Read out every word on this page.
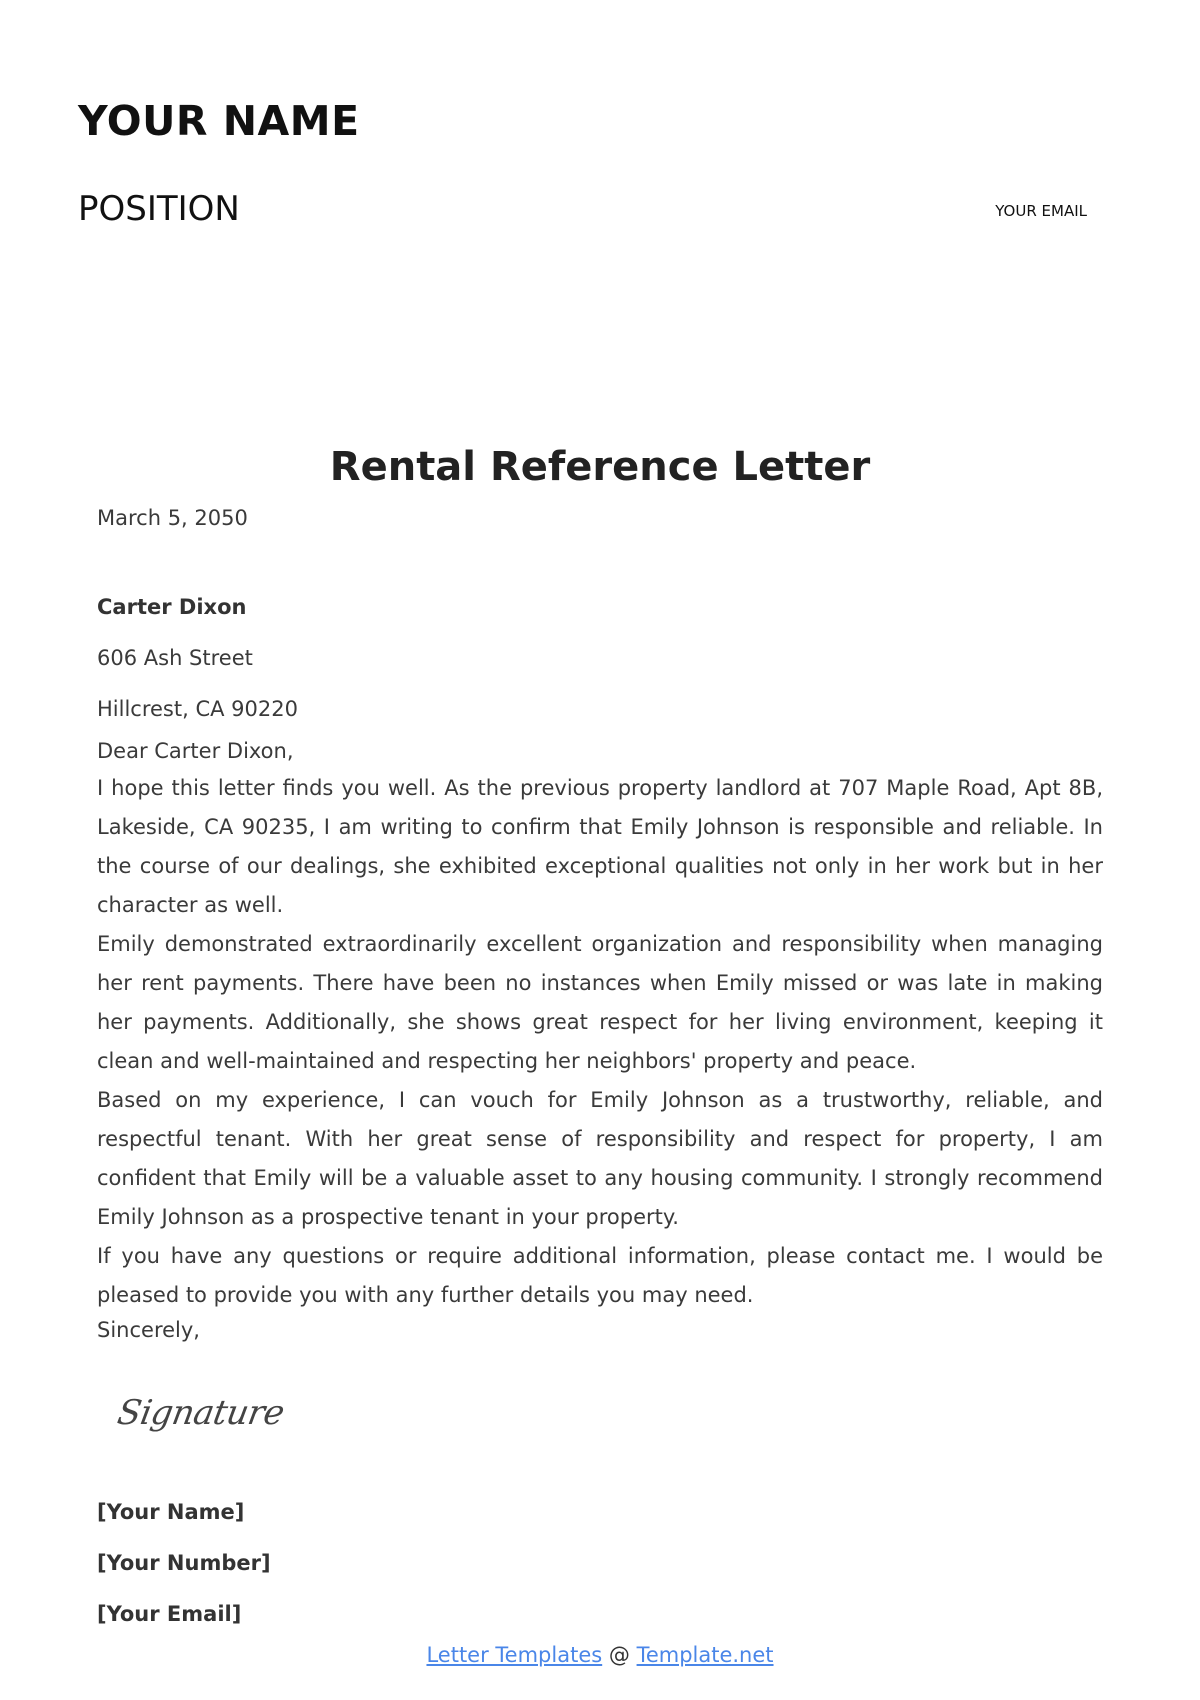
YOUR NAME
POSITION	YOUR EMAIL
Rental Reference Letter
March 5, 2050
Carter Dixon
606 Ash Street
Hillcrest, CA 90220

Dear Carter Dixon,

I hope this letter finds you well. As the previous property landlord at 707 Maple Road, Apt 8B, Lakeside, CA 90235, I am writing to confirm that Emily Johnson is responsible and reliable. In the course of our dealings, she exhibited exceptional qualities not only in her work but in her character as well.

Emily demonstrated extraordinarily excellent organization and responsibility when managing her rent payments. There have been no instances when Emily missed or was late in making her payments. Additionally, she shows great respect for her living environment, keeping it clean and well-maintained and respecting her neighbors' property and peace.

Based on my experience, I can vouch for Emily Johnson as a trustworthy, reliable, and respectful tenant. With her great sense of responsibility and respect for property, I am confident that Emily will be a valuable asset to any housing community. I strongly recommend Emily Johnson as a prospective tenant in your property.

If you have any questions or require additional information, please contact me. I would be pleased to provide you with any further details you may need.

Sincerely,

Signature
[Your Name]
[Your Number]
[Your Email]
Letter Templates @ Template.net
